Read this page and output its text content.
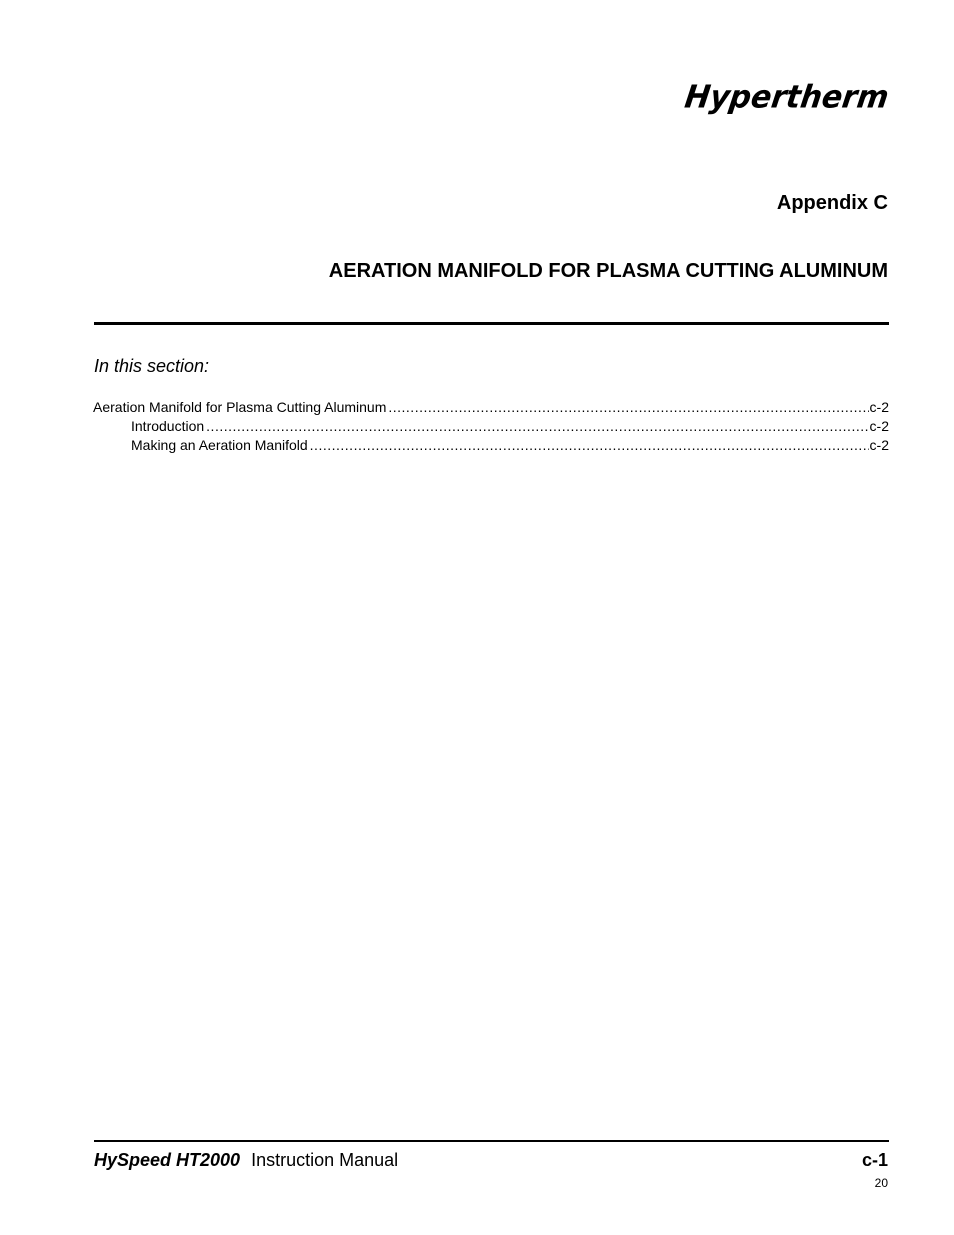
Hypertherm
Appendix C
AERATION MANIFOLD FOR PLASMA CUTTING ALUMINUM
In this section:
Aeration Manifold for Plasma Cutting Aluminum .....	c-2
Introduction .....	c-2
Making an Aeration Manifold .....	c-2
HySpeed HT2000 Instruction Manual	c-1
20
